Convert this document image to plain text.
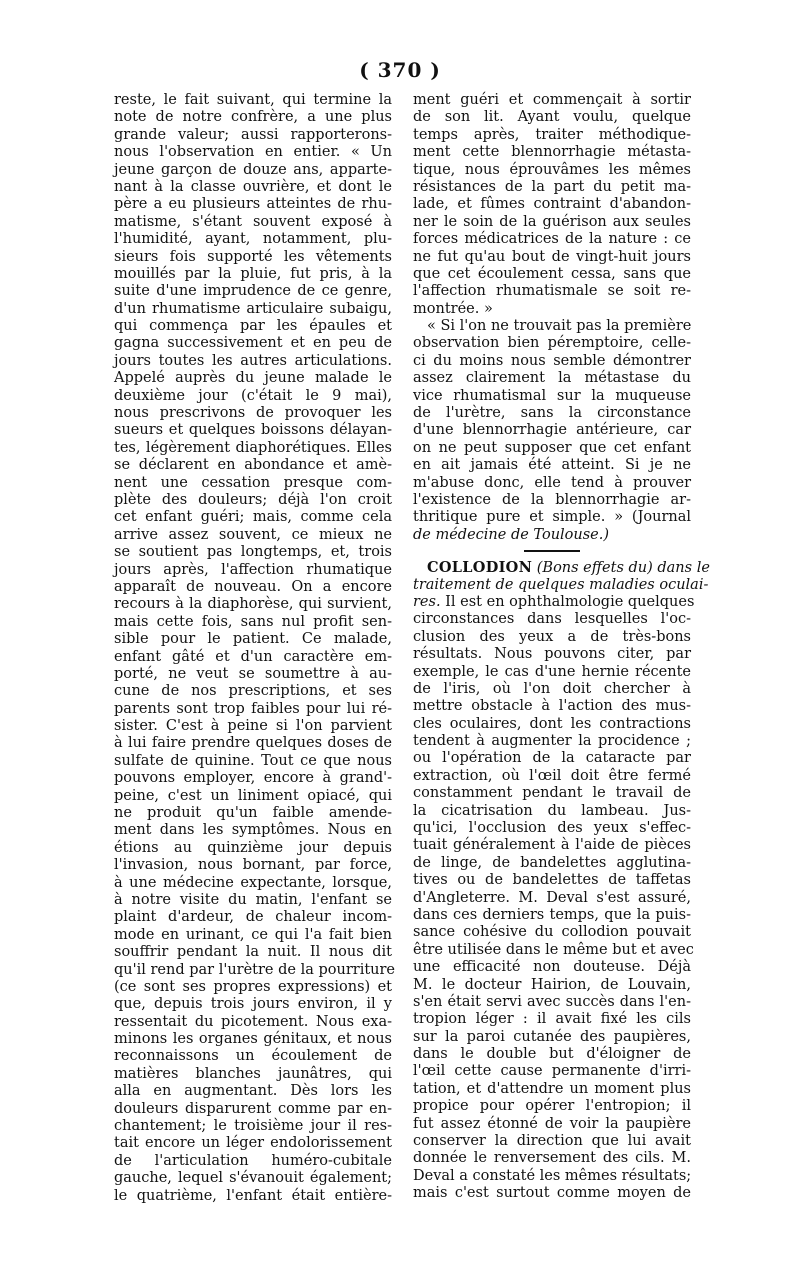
( 370 )
reste, le fait suivant, qui termine la
note de notre confrère, a une plus
grande valeur; aussi rapporterons-
nous l'observation en entier. « Un
jeune garçon de douze ans, apparte-
nant à la classe ouvrière, et dont le
père a eu plusieurs atteintes de rhu-
matisme, s'étant souvent exposé à
l'humidité, ayant, notamment, plu-
sieurs fois supporté les vêtements
mouillés par la pluie, fut pris, à la
suite d'une imprudence de ce genre,
d'un rhumatisme articulaire subaigu,
qui commença par les épaules et
gagna successivement et en peu de
jours toutes les autres articulations.
Appelé auprès du jeune malade le
deuxième jour (c'était le 9 mai),
nous prescrivons de provoquer les
sueurs et quelques boissons délayan-
tes, légèrement diaphorétiques. Elles
se déclarent en abondance et amè-
nent une cessation presque com-
plète des douleurs; déjà l'on croit
cet enfant guéri; mais, comme cela
arrive assez souvent, ce mieux ne
se soutient pas longtemps, et, trois
jours après, l'affection rhumatique
apparaît de nouveau. On a encore
recours à la diaphorèse, qui survient,
mais cette fois, sans nul profit sen-
sible pour le patient. Ce malade,
enfant gâté et d'un caractère em-
porté, ne veut se soumettre à au-
cune de nos prescriptions, et ses
parents sont trop faibles pour lui ré-
sister. C'est à peine si l'on parvient
à lui faire prendre quelques doses de
sulfate de quinine. Tout ce que nous
pouvons employer, encore à grand'-
peine, c'est un liniment opiacé, qui
ne produit qu'un faible amende-
ment dans les symptômes. Nous en
étions au quinzième jour depuis
l'invasion, nous bornant, par force,
à une médecine expectante, lorsque,
à notre visite du matin, l'enfant se
plaint d'ardeur, de chaleur incom-
mode en urinant, ce qui l'a fait bien
souffrir pendant la nuit. Il nous dit
qu'il rend par l'urètre de la pourriture
(ce sont ses propres expressions) et
que, depuis trois jours environ, il y
ressentait du picotement. Nous exa-
minons les organes génitaux, et nous
reconnaissons un écoulement de
matières blanches jaunâtres, qui
alla en augmentant. Dès lors les
douleurs disparurent comme par en-
chantement; le troisième jour il res-
tait encore un léger endolorissement
de l'articulation huméro-cubitale
gauche, lequel s'évanouit également;
le quatrième, l'enfant était entière-
ment guéri et commençait à sortir
de son lit. Ayant voulu, quelque
temps après, traiter méthodique-
ment cette blennorrhagie métasta-
tique, nous éprouvâmes les mêmes
résistances de la part du petit ma-
lade, et fûmes contraint d'abandon-
ner le soin de la guérison aux seules
forces médicatrices de la nature : ce
ne fut qu'au bout de vingt-huit jours
que cet écoulement cessa, sans que
l'affection rhumatismale se soit re-
montrée. »
« Si l'on ne trouvait pas la première
observation bien péremptoire, celle-
ci du moins nous semble démontrer
assez clairement la métastase du
vice rhumatismal sur la muqueuse
de l'urètre, sans la circonstance
d'une blennorrhagie antérieure, car
on ne peut supposer que cet enfant
en ait jamais été atteint. Si je ne
m'abuse donc, elle tend à prouver
l'existence de la blennorrhagie ar-
thritique pure et simple. » (Journal
de médecine de Toulouse.)
COLLODION (Bons effets du) dans le
traitement de quelques maladies oculai-
res. Il est en ophthalmologie quelques
circonstances dans lesquelles l'oc-
clusion des yeux a de très-bons
résultats. Nous pouvons citer, par
exemple, le cas d'une hernie récente
de l'iris, où l'on doit chercher à
mettre obstacle à l'action des mus-
cles oculaires, dont les contractions
tendent à augmenter la procidence ;
ou l'opération de la cataracte par
extraction, où l'œil doit être fermé
constamment pendant le travail de
la cicatrisation du lambeau. Jus-
qu'ici, l'occlusion des yeux s'effec-
tuait généralement à l'aide de pièces
de linge, de bandelettes agglutina-
tives ou de bandelettes de taffetas
d'Angleterre. M. Deval s'est assuré,
dans ces derniers temps, que la puis-
sance cohésive du collodion pouvait
être utilisée dans le même but et avec
une efficacité non douteuse. Déjà
M. le docteur Hairion, de Louvain,
s'en était servi avec succès dans l'en-
tropion léger : il avait fixé les cils
sur la paroi cutanée des paupières,
dans le double but d'éloigner de
l'œil cette cause permanente d'irri-
tation, et d'attendre un moment plus
propice pour opérer l'entropion; il
fut assez étonné de voir la paupière
conserver la direction que lui avait
donnée le renversement des cils. M.
Deval a constaté les mêmes résultats;
mais c'est surtout comme moyen de
